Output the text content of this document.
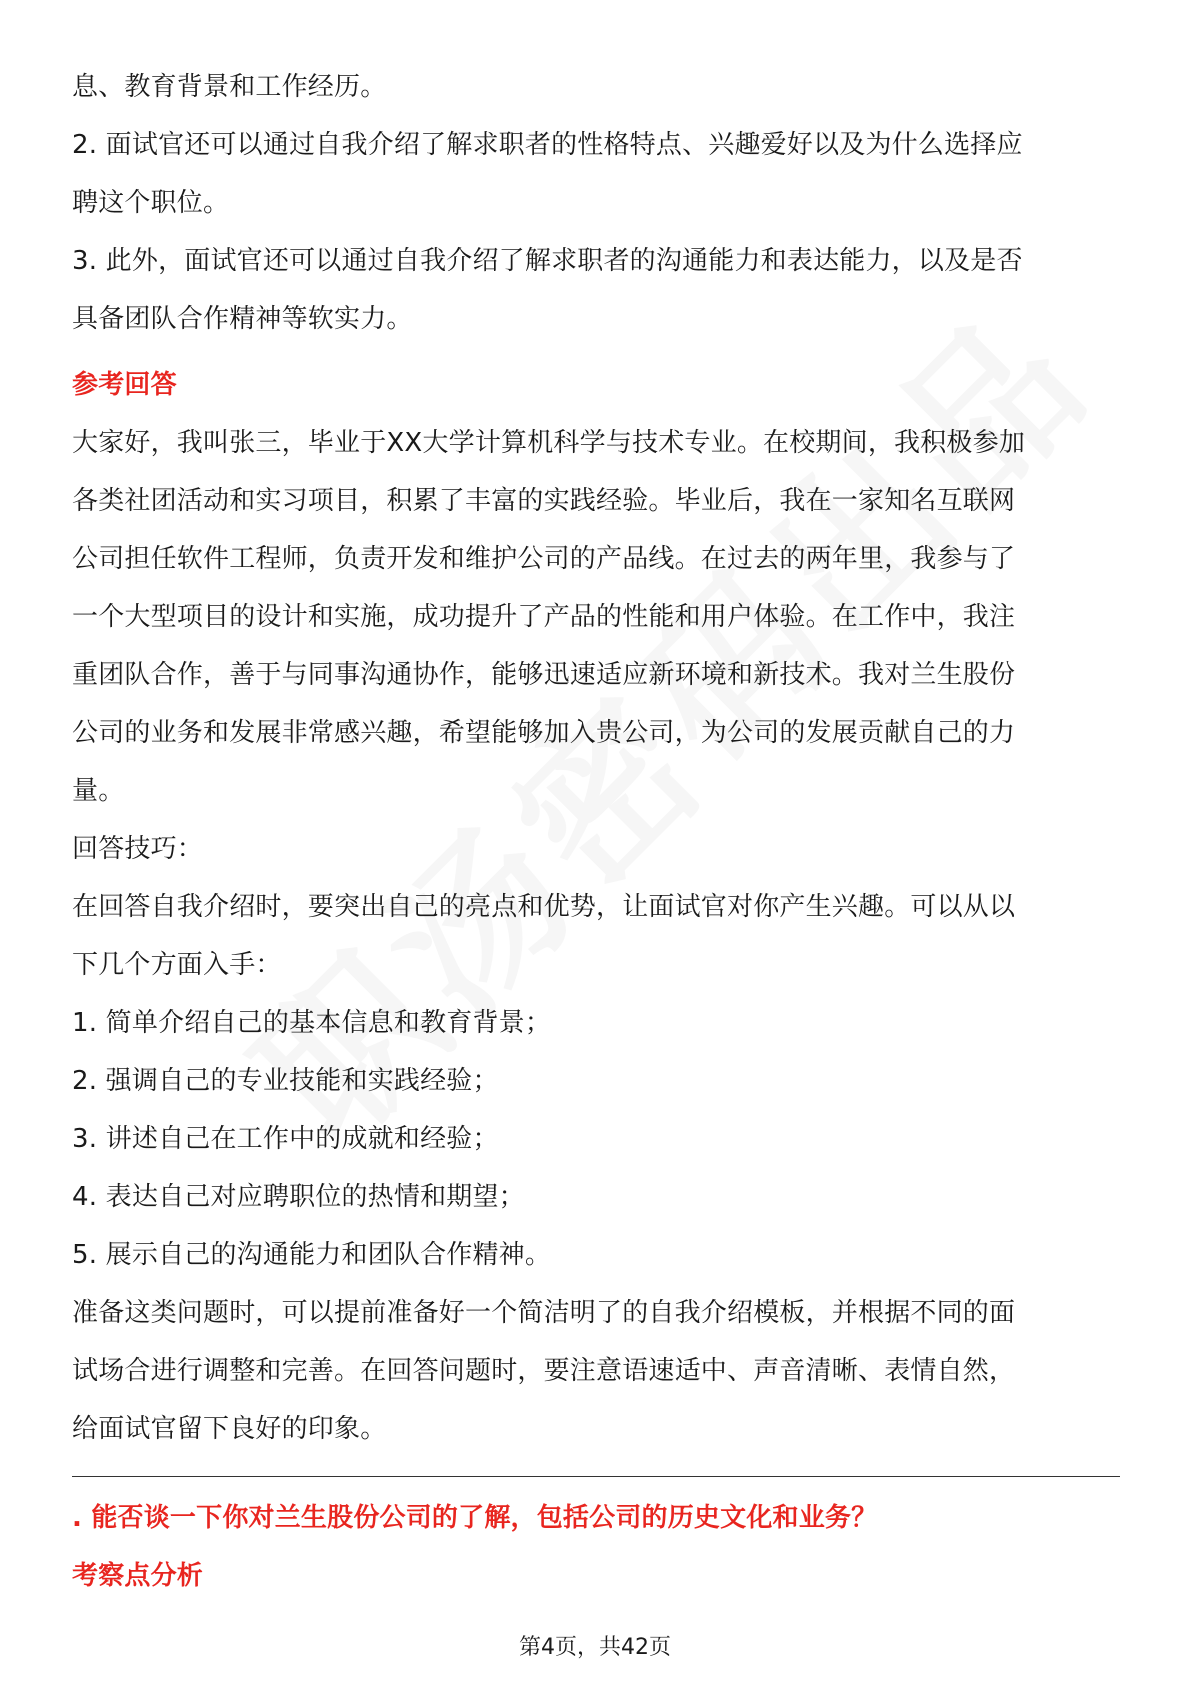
息、教育背景和工作经历。
2. 面试官还可以通过自我介绍了解求职者的性格特点、兴趣爱好以及为什么选择应
聘这个职位。
3. 此外，面试官还可以通过自我介绍了解求职者的沟通能力和表达能力，以及是否
具备团队合作精神等软实力。
参考回答
大家好，我叫张三，毕业于XX大学计算机科学与技术专业。在校期间，我积极参加
各类社团活动和实习项目，积累了丰富的实践经验。毕业后，我在一家知名互联网
公司担任软件工程师，负责开发和维护公司的产品线。在过去的两年里，我参与了
一个大型项目的设计和实施，成功提升了产品的性能和用户体验。在工作中，我注
重团队合作，善于与同事沟通协作，能够迅速适应新环境和新技术。我对兰生股份
公司的业务和发展非常感兴趣，希望能够加入贵公司，为公司的发展贡献自己的力
量。
回答技巧：
在回答自我介绍时，要突出自己的亮点和优势，让面试官对你产生兴趣。可以从以
下几个方面入手：
1. 简单介绍自己的基本信息和教育背景；
2. 强调自己的专业技能和实践经验；
3. 讲述自己在工作中的成就和经验；
4. 表达自己对应聘职位的热情和期望；
5. 展示自己的沟通能力和团队合作精神。
准备这类问题时，可以提前准备好一个简洁明了的自我介绍模板，并根据不同的面
试场合进行调整和完善。在回答问题时，要注意语速适中、声音清晰、表情自然，
给面试官留下良好的印象。
. 能否谈一下你对兰生股份公司的了解，包括公司的历史文化和业务？
考察点分析
第4页，共42页
